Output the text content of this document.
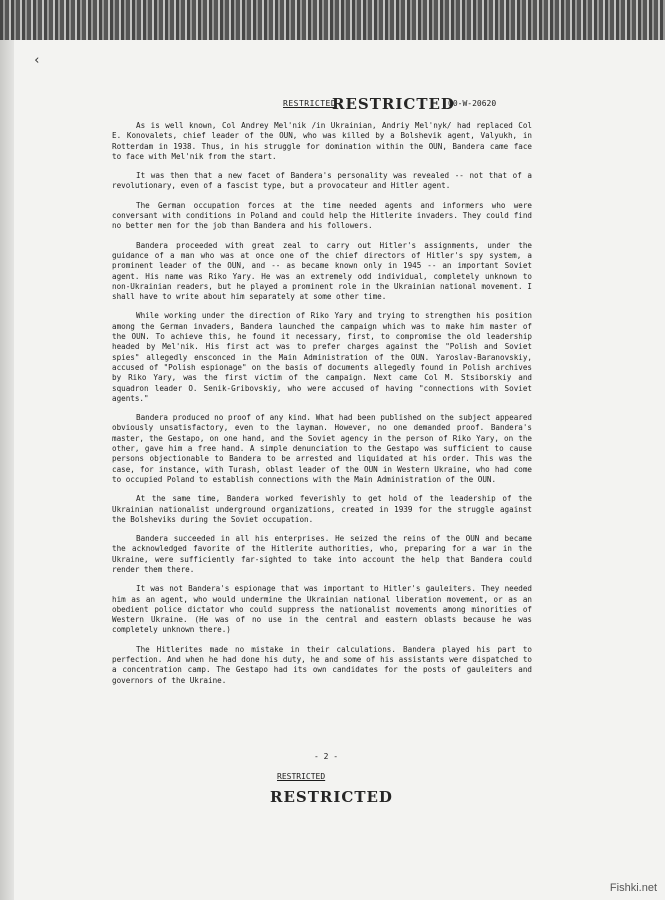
‹
RESTRICTED
RESTRICTED
00-W-20620

As is well known, Col Andrey Mel'nik /in Ukrainian, Andriy Mel'nyk/ had replaced Col E. Konovalets, chief leader of the OUN, who was killed by a Bolshevik agent, Valyukh, in Rotterdam in 1938. Thus, in his struggle for domination within the OUN, Bandera came face to face with Mel'nik from the start.

It was then that a new facet of Bandera's personality was revealed -- not that of a revolutionary, even of a fascist type, but a provocateur and Hitler agent.

The German occupation forces at the time needed agents and informers who were conversant with conditions in Poland and could help the Hitlerite invaders. They could find no better men for the job than Bandera and his followers.

Bandera proceeded with great zeal to carry out Hitler's assignments, under the guidance of a man who was at once one of the chief directors of Hitler's spy system, a prominent leader of the OUN, and -- as became known only in 1945 -- an important Soviet agent. His name was Riko Yary. He was an extremely odd individual, completely unknown to non-Ukrainian readers, but he played a prominent role in the Ukrainian national movement. I shall have to write about him separately at some other time.

While working under the direction of Riko Yary and trying to strengthen his position among the German invaders, Bandera launched the campaign which was to make him master of the OUN. To achieve this, he found it necessary, first, to compromise the old leadership headed by Mel'nik. His first act was to prefer charges against the "Polish and Soviet spies" allegedly ensconced in the Main Administration of the OUN. Yaroslav-Baranovskiy, accused of "Polish espionage" on the basis of documents allegedly found in Polish archives by Riko Yary, was the first victim of the campaign. Next came Col M. Stsiborskiy and squadron leader O. Senik-Gribovskiy, who were accused of having "connections with Soviet agents."

Bandera produced no proof of any kind. What had been published on the subject appeared obviously unsatisfactory, even to the layman. However, no one demanded proof. Bandera's master, the Gestapo, on one hand, and the Soviet agency in the person of Riko Yary, on the other, gave him a free hand. A simple denunciation to the Gestapo was sufficient to cause persons objectionable to Bandera to be arrested and liquidated at his order. This was the case, for instance, with Turash, oblast leader of the OUN in Western Ukraine, who had come to occupied Poland to establish connections with the Main Administration of the OUN.

At the same time, Bandera worked feverishly to get hold of the leadership of the Ukrainian nationalist underground organizations, created in 1939 for the struggle against the Bolsheviks during the Soviet occupation.

Bandera succeeded in all his enterprises. He seized the reins of the OUN and became the acknowledged favorite of the Hitlerite authorities, who, preparing for a war in the Ukraine, were sufficiently far-sighted to take into account the help that Bandera could render them there.

It was not Bandera's espionage that was important to Hitler's gauleiters. They needed him as an agent, who would undermine the Ukrainian national liberation movement, or as an obedient police dictator who could suppress the nationalist movements among minorities of Western Ukraine. (He was of no use in the central and eastern oblasts because he was completely unknown there.)

The Hitlerites made no mistake in their calculations. Bandera played his part to perfection. And when he had done his duty, he and some of his assistants were dispatched to a concentration camp. The Gestapo had its own candidates for the posts of gauleiters and governors of the Ukraine.

- 2 -
RESTRICTED
RESTRICTED
Fishki.net
